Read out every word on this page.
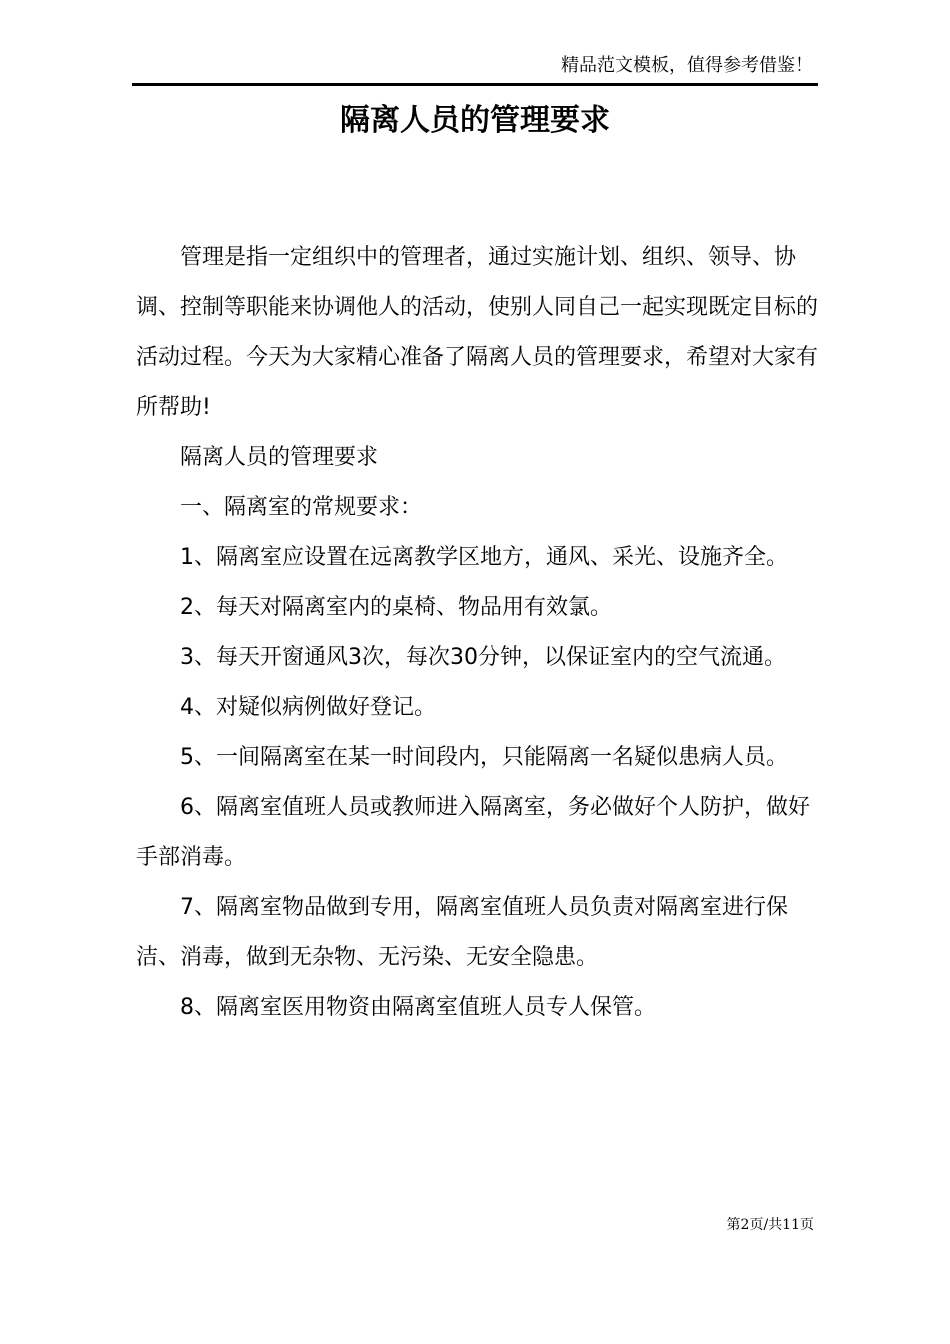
精品范文模板，值得参考借鉴！
隔离人员的管理要求

管理是指一定组织中的管理者，通过实施计划、组织、领导、协调、控制等职能来协调他人的活动，使别人同自己一起实现既定目标的活动过程。今天为大家精心准备了隔离人员的管理要求，希望对大家有所帮助!

隔离人员的管理要求

一、隔离室的常规要求：

1、隔离室应设置在远离教学区地方，通风、采光、设施齐全。

2、每天对隔离室内的桌椅、物品用有效氯。

3、每天开窗通风3次，每次30分钟，以保证室内的空气流通。

4、对疑似病例做好登记。

5、一间隔离室在某一时间段内，只能隔离一名疑似患病人员。

6、隔离室值班人员或教师进入隔离室，务必做好个人防护，做好手部消毒。

7、隔离室物品做到专用，隔离室值班人员负责对隔离室进行保洁、消毒，做到无杂物、无污染、无安全隐患。

8、隔离室医用物资由隔离室值班人员专人保管。

第2页/共11页
